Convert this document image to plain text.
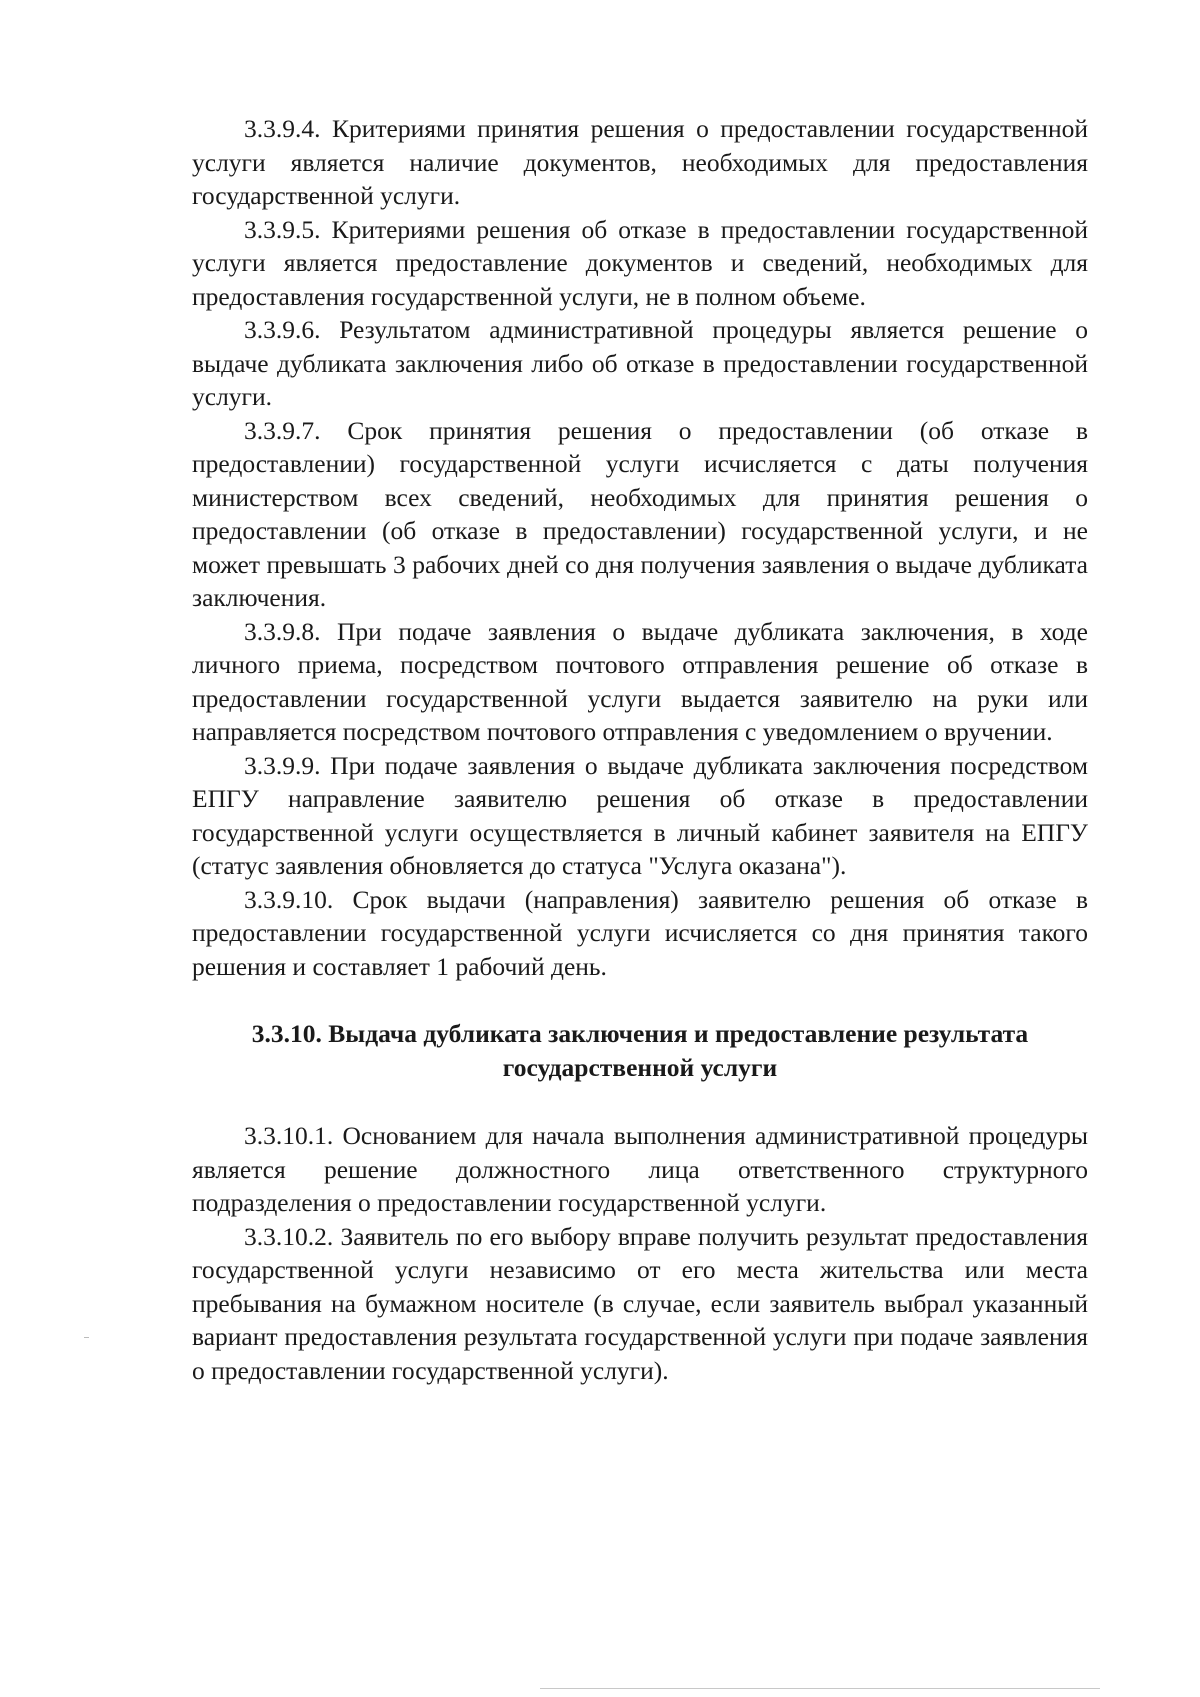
3.3.9.4. Критериями принятия решения о предоставлении государственной услуги является наличие документов, необходимых для предоставления государственной услуги.

3.3.9.5. Критериями решения об отказе в предоставлении государственной услуги является предоставление документов и сведений, необходимых для предоставления государственной услуги, не в полном объеме.

3.3.9.6. Результатом административной процедуры является решение о выдаче дубликата заключения либо об отказе в предоставлении государственной услуги.

3.3.9.7. Срок принятия решения о предоставлении (об отказе в предоставлении) государственной услуги исчисляется с даты получения министерством всех сведений, необходимых для принятия решения о предоставлении (об отказе в предоставлении) государственной услуги, и не может превышать 3 рабочих дней со дня получения заявления о выдаче дубликата заключения.

3.3.9.8. При подаче заявления о выдаче дубликата заключения, в ходе личного приема, посредством почтового отправления решение об отказе в предоставлении государственной услуги выдается заявителю на руки или направляется посредством почтового отправления с уведомлением о вручении.

3.3.9.9. При подаче заявления о выдаче дубликата заключения посредством ЕПГУ направление заявителю решения об отказе в предоставлении государственной услуги осуществляется в личный кабинет заявителя на ЕПГУ (статус заявления обновляется до статуса "Услуга оказана").

3.3.9.10. Срок выдачи (направления) заявителю решения об отказе в предоставлении государственной услуги исчисляется со дня принятия такого решения и составляет 1 рабочий день.

3.3.10. Выдача дубликата заключения и предоставление результата
государственной услуги

3.3.10.1. Основанием для начала выполнения административной процедуры является решение должностного лица ответственного структурного подразделения о предоставлении государственной услуги.

3.3.10.2. Заявитель по его выбору вправе получить результат предоставления государственной услуги независимо от его места жительства или места пребывания на бумажном носителе (в случае, если заявитель выбрал указанный вариант предоставления результата государственной услуги при подаче заявления о предоставлении государственной услуги).
